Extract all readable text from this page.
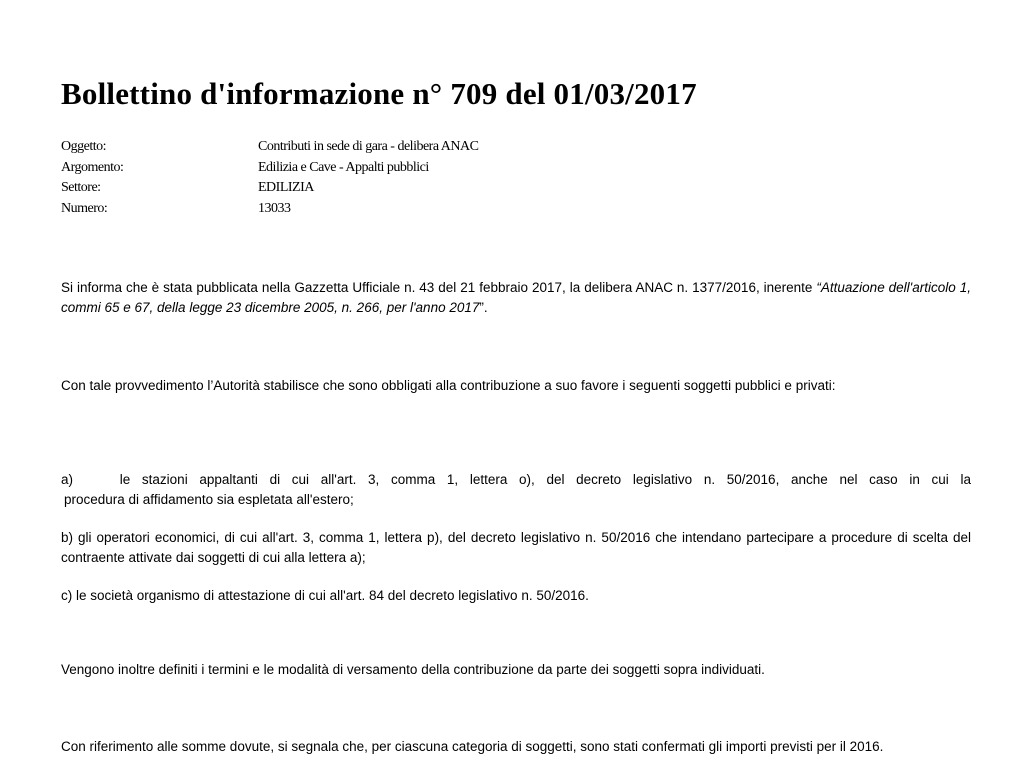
Bollettino d'informazione n° 709 del 01/03/2017
Oggetto:	Contributi in sede di gara - delibera ANAC
Argomento:	Edilizia e Cave - Appalti pubblici
Settore:	EDILIZIA
Numero:	13033

Si informa che è stata pubblicata nella Gazzetta Ufficiale n. 43 del 21 febbraio 2017, la delibera ANAC n. 1377/2016, inerente “Attuazione dell'articolo 1, commi 65 e 67, della legge 23 dicembre 2005, n. 266, per l'anno 2017”.

Con tale provvedimento l’Autorità stabilisce che sono obbligati alla contribuzione a suo favore i seguenti soggetti pubblici e privati:

a)    le stazioni appaltanti di cui all'art. 3, comma 1, lettera o), del decreto legislativo n. 50/2016, anche nel caso in cui la
procedura di affidamento sia espletata all'estero;

b) gli operatori economici, di cui all'art. 3, comma 1, lettera p), del decreto legislativo n. 50/2016 che intendano partecipare a procedure di scelta del contraente attivate dai soggetti di cui alla lettera a);

c) le società organismo di attestazione di cui all'art. 84 del decreto legislativo n. 50/2016.

Vengono inoltre definiti i termini e le modalità di versamento della contribuzione da parte dei soggetti sopra individuati.

Con riferimento alle somme dovute, si segnala che, per ciascuna categoria di soggetti, sono stati confermati gli importi previsti per il 2016.
